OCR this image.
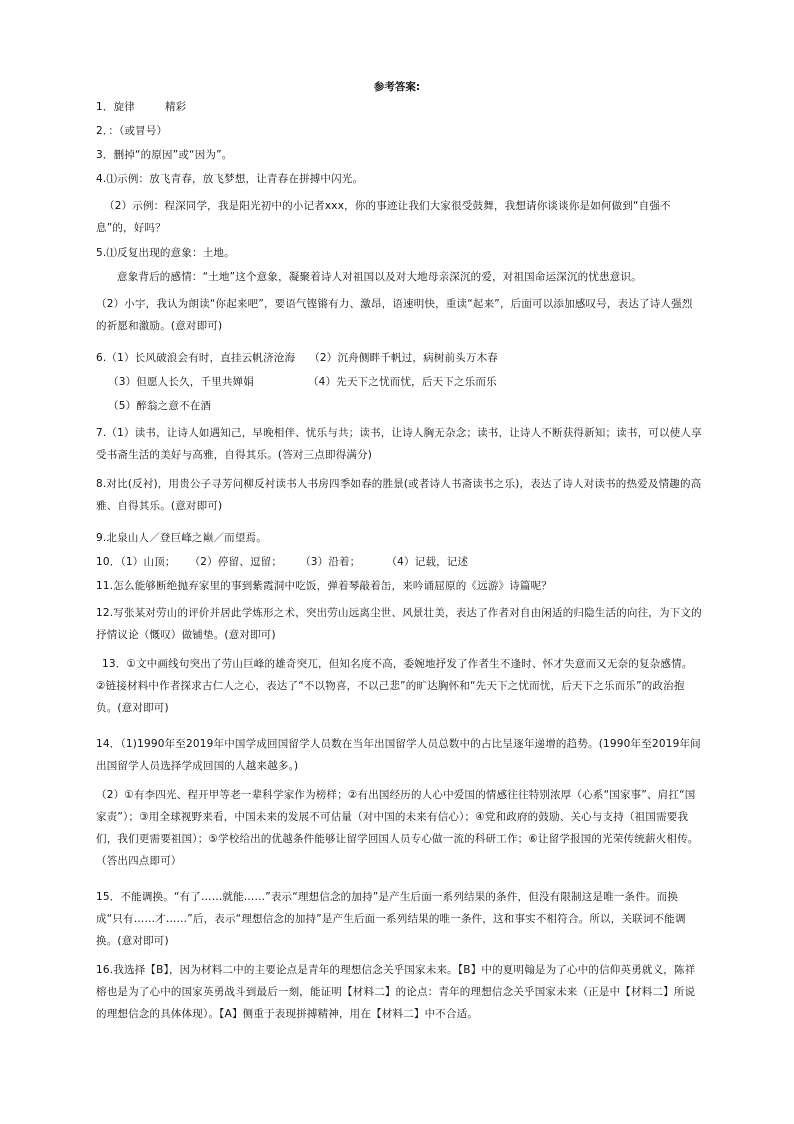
参考答案:
1．旋律	精彩
2．：（或冒号）
3．删掉“的原因”或“因为”。
4.⑴示例：放飞青春，放飞梦想，让青春在拼搏中闪光。
（2）示例：程深同学，我是阳光初中的小记者xxx，你的事迹让我们大家很受鼓舞，我想请你谈谈你是如何做到“自强不息”的，好吗？
5.⑴反复出现的意象：土地。
意象背后的感情：“土地”这个意象，凝聚着诗人对祖国以及对大地母亲深沉的爱，对祖国命运深沉的忧患意识。
（2）小宇，我认为朗读“你起来吧”，要语气铿锵有力、激昂，语速明快，重读“起来”，后面可以添加感叹号，表达了诗人强烈的祈愿和激励。(意对即可)
6.（1）长风破浪会有时，直挂云帆济沧海 （2）沉舟侧畔千帆过，病树前头万木春
（3）但愿人长久，千里共婵娟	（4）先天下之忧而忧，后天下之乐而乐
（5）醉翁之意不在酒
7.（1）读书，让诗人如遇知己，早晚相伴、忧乐与共；读书，让诗人胸无杂念；读书，让诗人不断获得新知；读书，可以使人享受书斋生活的美好与高雅，自得其乐。(答对三点即得满分)
8.对比(反衬)，用贵公子寻芳问柳反衬读书人书房四季如春的胜景(或者诗人书斋读书之乐)，表达了诗人对读书的热爱及情趣的高雅、自得其乐。(意对即可)
9.北泉山人／登巨峰之巅／而望焉。
10．（1）山顶； （2）停留、逗留； （3）沿着； （4）记载，记述
11.怎么能够断绝抛弃家里的事到紫霞洞中吃饭，弹着琴敲着缶，来吟诵屈原的《远游》诗篇呢？
12.写张某对劳山的评价并居此学炼形之术，突出劳山远离尘世、风景壮美，表达了作者对自由闲适的归隐生活的向往，为下文的抒情议论（慨叹）做铺垫。(意对即可)
13．①文中画线句突出了劳山巨峰的雄奇突兀，但知名度不高，委婉地抒发了作者生不逢时、怀才失意而又无奈的复杂感情。②链接材料中作者探求古仁人之心，表达了“不以物喜，不以己悲”的旷达胸怀和“先天下之忧而忧，后天下之乐而乐”的政治抱负。(意对即可)
14．（1)1990年至2019年中国学成回国留学人员数在当年出国留学人员总数中的占比呈逐年递增的趋势。(1990年至2019年间出国留学人员选择学成回国的人越来越多。)
（2）①有李四光、程开甲等老一辈科学家作为榜样；②有出国经历的人心中爱国的情感往往特别浓厚（心系“国家事”、肩扛“国家责”）；③用全球视野来看，中国未来的发展不可估量（对中国的未来有信心）；④党和政府的鼓励、关心与支持（祖国需要我们，我们更需要祖国）；⑤学校给出的优越条件能够让留学回国人员专心做一流的科研工作；⑥让留学报国的光荣传统薪火相传。（答出四点即可）
15．不能调换。“有了……就能……”表示“理想信念的加持”是产生后面一系列结果的条件，但没有限制这是唯一条件。而换成“只有……才……”后，表示“理想信念的加持”是产生后面一系列结果的唯一条件，这和事实不相符合。所以，关联词不能调换。(意对即可)
16.我选择【B】，因为材料二中的主要论点是青年的理想信念关乎国家未来。【B】中的夏明翰是为了心中的信仰英勇就义，陈祥榕也是为了心中的国家英勇战斗到最后一刻，能证明【材料二】的论点：青年的理想信念关乎国家未来（正是中【材料二】所说的理想信念的具体体现）。【A】侧重于表现拼搏精神，用在【材料二】中不合适。
